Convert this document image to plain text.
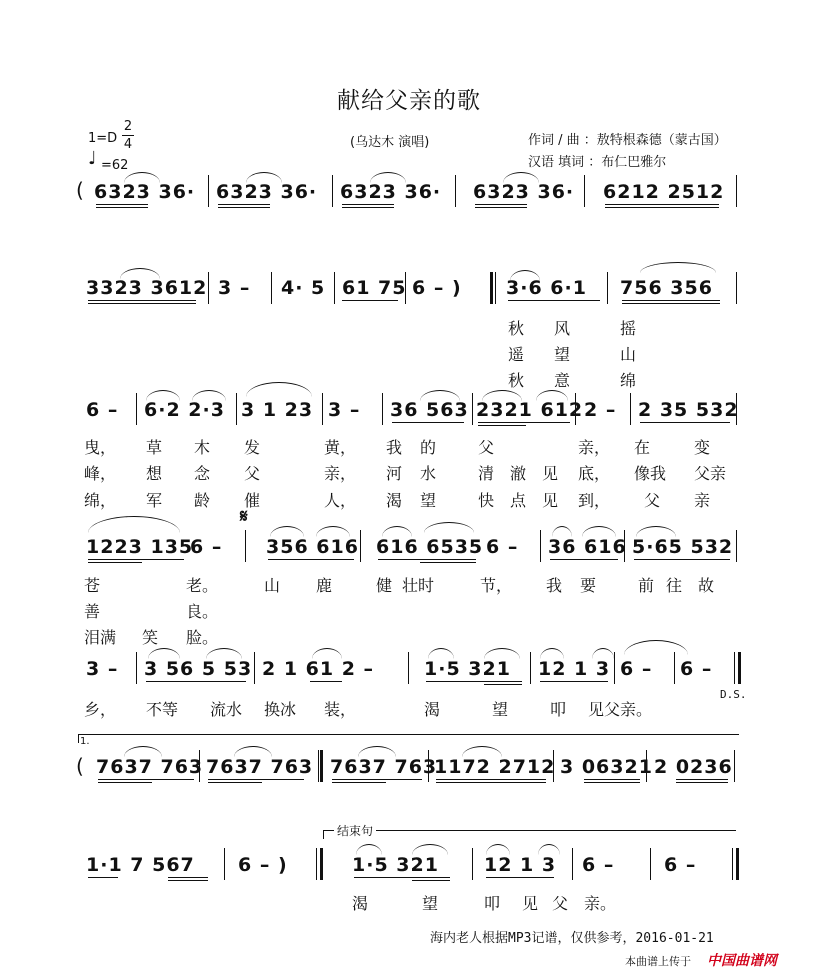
献给父亲的歌
1=D
2
4
♩ =62
(乌达木 演唱)	作词 / 曲 ：敖特根森德（蒙古国）
汉语 填词 ：布仁巴雅尔
( 6323 36· 6323 36· 6323 36· 6323 36· 6212 2512
3323 3612 3 – 4· 5 61 75 6 – ) 3·6 6·1 756 356
秋 风	摇
遥 望	山
秋 意	绵
6 – 6·2 2·3 3 1 23 3 – 36 563 2321 612 2 – 2 35 532
曳， 草 木 发	黄， 我 的	父	亲， 在	变
峰， 想 念 父	亲， 河 水	清 澈 见 底， 像我 父亲
绵， 军 龄 催	人， 渴 望	快 点 见 到， 父 亲
𝄋
1223 135
6 – 356 616 616 6535 6 – 36 616 5·65 532
苍	老。	山 鹿	健 壮时	节， 我 要	前 往 故
善	良。
泪满 笑 脸。
3 – 3 56 5 53 2 1 61 2 –	1·5 321 12 1 3 6 – 6 –
D.S.
乡， 不等 流水 换冰 装，	渴	望	叩 见父亲。
1.
( 7637 763 7637 763 7637 763
1172 2712 3 06321 2 0236
结束句
1·1 7 567 6 – )	1·5 321 12 1 3 6 –	6 –
渴	望	叩 见 父 亲。
海内老人根据MP3记谱，仅供参考，2016-01-21
本曲谱上传于 中国曲谱网
